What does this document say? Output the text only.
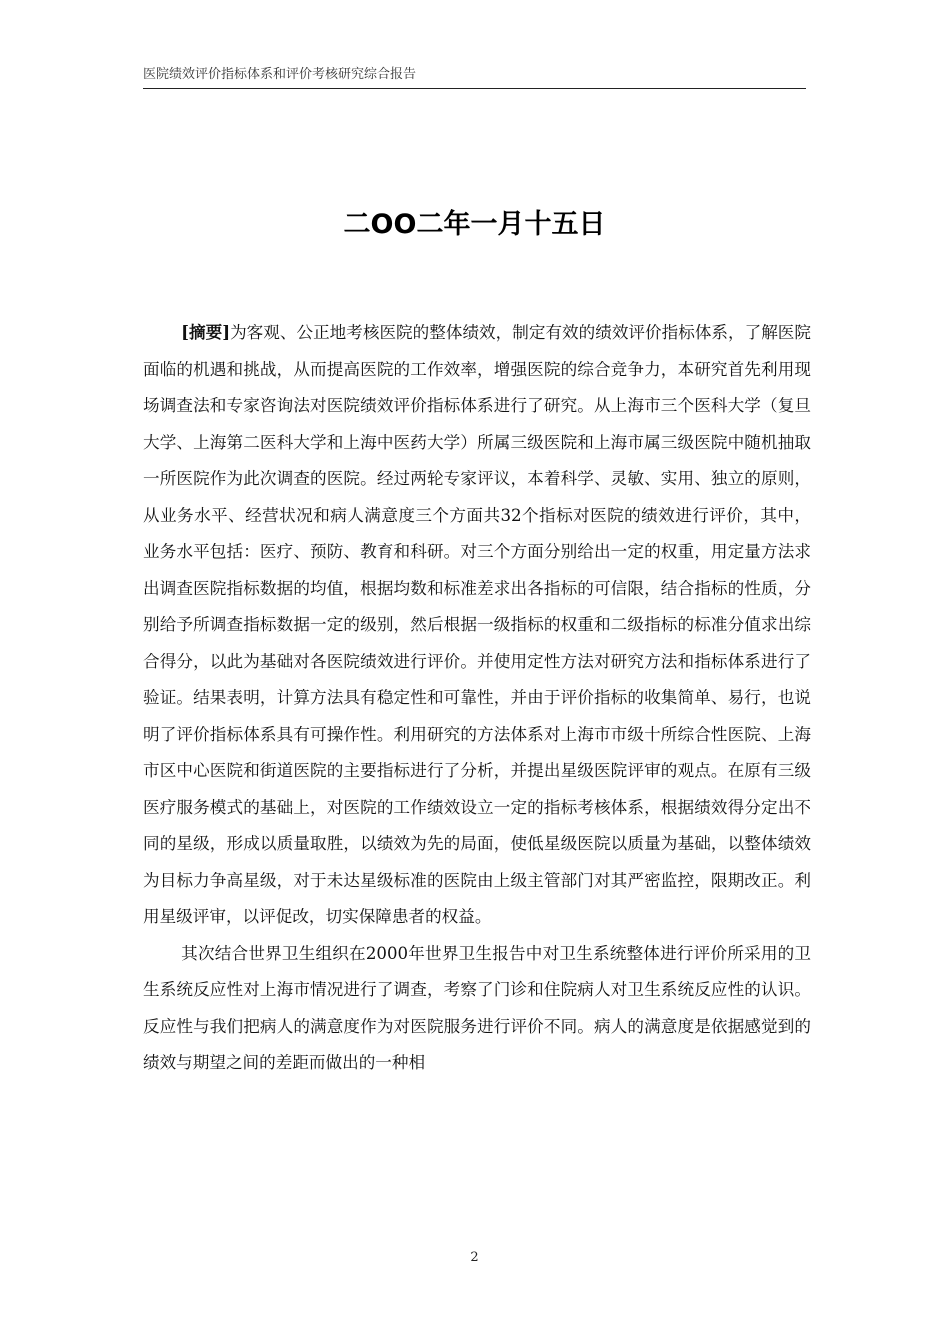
医院绩效评价指标体系和评价考核研究综合报告
二OO二年一月十五日

[摘要]为客观、公正地考核医院的整体绩效，制定有效的绩效评价指标体系，了解医院面临的机遇和挑战，从而提高医院的工作效率，增强医院的综合竞争力，本研究首先利用现场调查法和专家咨询法对医院绩效评价指标体系进行了研究。从上海市三个医科大学（复旦大学、上海第二医科大学和上海中医药大学）所属三级医院和上海市属三级医院中随机抽取一所医院作为此次调查的医院。经过两轮专家评议，本着科学、灵敏、实用、独立的原则，从业务水平、经营状况和病人满意度三个方面共32个指标对医院的绩效进行评价，其中，业务水平包括：医疗、预防、教育和科研。对三个方面分别给出一定的权重，用定量方法求出调查医院指标数据的均值，根据均数和标准差求出各指标的可信限，结合指标的性质，分别给予所调查指标数据一定的级别，然后根据一级指标的权重和二级指标的标准分值求出综合得分，以此为基础对各医院绩效进行评价。并使用定性方法对研究方法和指标体系进行了验证。结果表明，计算方法具有稳定性和可靠性，并由于评价指标的收集简单、易行，也说明了评价指标体系具有可操作性。利用研究的方法体系对上海市市级十所综合性医院、上海市区中心医院和街道医院的主要指标进行了分析，并提出星级医院评审的观点。在原有三级医疗服务模式的基础上，对医院的工作绩效设立一定的指标考核体系，根据绩效得分定出不同的星级，形成以质量取胜，以绩效为先的局面，使低星级医院以质量为基础，以整体绩效为目标力争高星级，对于未达星级标准的医院由上级主管部门对其严密监控，限期改正。利用星级评审，以评促改，切实保障患者的权益。

其次结合世界卫生组织在2000年世界卫生报告中对卫生系统整体进行评价所采用的卫生系统反应性对上海市情况进行了调查，考察了门诊和住院病人对卫生系统反应性的认识。反应性与我们把病人的满意度作为对医院服务进行评价不同。病人的满意度是依据感觉到的绩效与期望之间的差距而做出的一种相

2
